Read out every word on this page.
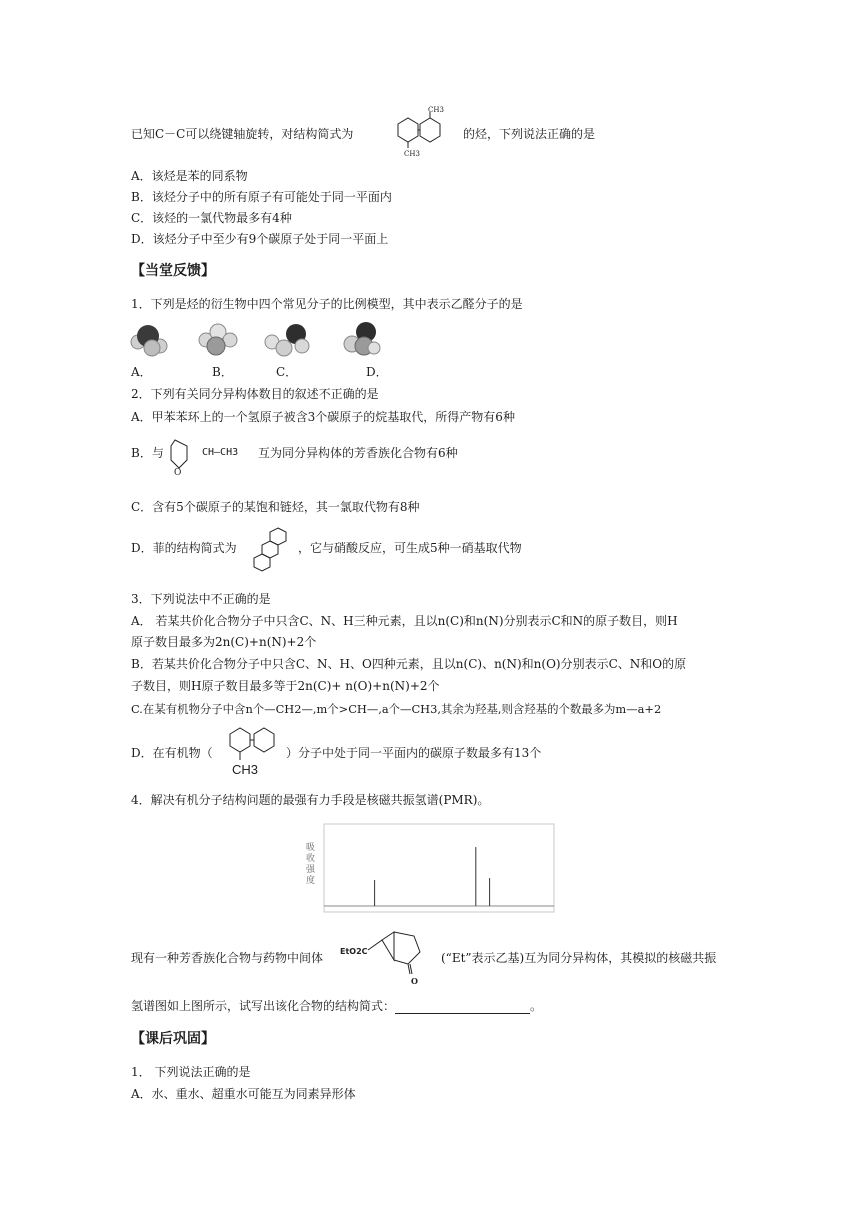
已知C－C可以绕键轴旋转，对结构简式为
CH3
CH3
的烃，下列说法正确的是
A．该烃是苯的同系物
B．该烃分子中的所有原子有可能处于同一平面内
C．该烃的一氯代物最多有4种
D．该烃分子中至少有9个碳原子处于同一平面上
【当堂反馈】
1．下列是烃的衍生物中四个常见分子的比例模型，其中表示乙醛分子的是
A．	B．	C．	D．
2．下列有关同分异构体数目的叙述不正确的是
A．甲苯苯环上的一个氢原子被含3个碳原子的烷基取代，所得产物有6种
B．与
O
CH—CH3 互为同分异构体的芳香族化合物有6种
C．含有5个碳原子的某饱和链烃，其一氯取代物有8种
D．菲的结构简式为	，它与硝酸反应，可生成5种一硝基取代物
3．下列说法中不正确的是
A． 若某共价化合物分子中只含C、N、H三种元素，且以n(C)和n(N)分别表示C和N的原子数目，则H
原子数目最多为2n(C)+n(N)+2个
B．若某共价化合物分子中只含C、N、H、O四种元素，且以n(C)、n(N)和n(O)分别表示C、N和O的原
子数目，则H原子数目最多等于2n(C)+ n(O)+n(N)+2个
C.在某有机物分子中含n个—CH2—,m个>CH—,a个—CH3,其余为羟基,则含羟基的个数最多为m—a+2
D．在有机物（
CH3
）分子中处于同一平面内的碳原子数最多有13个
4．解决有机分子结构问题的最强有力手段是核磁共振氢谱(PMR)。
吸
收
强
度
现有一种芳香族化合物与药物中间体 EtO2C
O
(“Et”表示乙基)互为同分异构体，其模拟的核磁共振
氢谱图如上图所示，试写出该化合物的结构简式：	。
【课后巩固】
1． 下列说法正确的是
A．水、重水、超重水可能互为同素异形体
